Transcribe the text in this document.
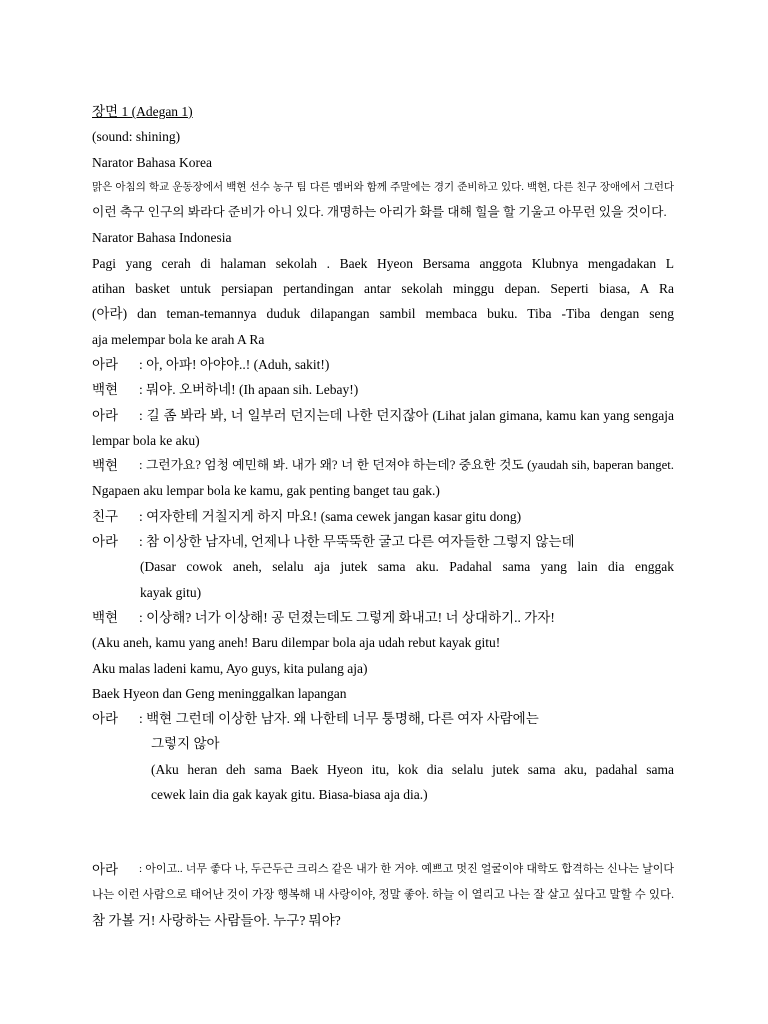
장면 1 (Adegan 1)
(sound: shining)
Narator Bahasa Korea
맑은 아침의 학교 운동장에서 백현 선수 농구 팀 다른 멤버와 함께 주말에는 경기 준비하고 있다. 백현, 다른 친구 장애에서 그런다
이런 축구 인구의 봐라다 준비가 아니 있다. 개명하는 아리가 화를 대해 힐을 할 기울고 아무런 있을 것이다.
Narator Bahasa Indonesia
Pagi yang cerah di halaman sekolah . Baek Hyeon Bersama anggota Klubnya mengadakan L
atihan basket untuk persiapan pertandingan antar sekolah minggu depan. Seperti biasa, A Ra
(아라) dan teman-temannya duduk dilapangan sambil membaca buku. Tiba -Tiba dengan seng
aja melempar bola ke arah A Ra
아라 : 아, 아파! 아야야..! (Aduh, sakit!)
백현 : 뭐야. 오버하네! (Ih apaan sih. Lebay!)
아라 : 길 좀 봐라 봐, 너 일부러 던지는데 나한 던지잖아 (Lihat jalan gimana, kamu kan yang sengaja
lempar bola ke aku)
백현 : 그런가요? 엄청 예민해 봐. 내가 왜? 너 한 던져야 하는데? 중요한 것도 (yaudah sih, baperan banget.
Ngapaen aku lempar bola ke kamu, gak penting banget tau gak.)
친구 : 여자한테 거칠지게 하지 마요! (sama cewek jangan kasar gitu dong)
아라 : 참 이상한 남자네, 언제나 나한 무뚝뚝한 굴고 다른 여자들한 그렇지 않는데
(Dasar cowok aneh, selalu aja jutek sama aku. Padahal sama yang lain dia enggak
kayak gitu)
백현 : 이상해? 너가 이상해! 공 던졌는데도 그렇게 화내고! 너 상대하기.. 가자!
(Aku aneh, kamu yang aneh! Baru dilempar bola aja udah rebut kayak gitu!
Aku malas ladeni kamu, Ayo guys, kita pulang aja)
Baek Hyeon dan Geng meninggalkan lapangan
아라 : 백현 그런데 이상한 남자. 왜 나한테 너무 퉁명해, 다른 여자 사람에는
그렇지 않아
(Aku heran deh sama Baek Hyeon itu, kok dia selalu jutek sama aku, padahal sama
cewek lain dia gak kayak gitu. Biasa-biasa aja dia.)
아라 : 아이고.. 너무 좋다 나, 두근두근 크리스 같은 내가 한 거야. 예쁘고 멋진 얼굴이야 대학도 합격하는 신나는 날이다
나는 이런 사람으로 태어난 것이 가장 행복해 내 사랑이야, 정말 좋아. 하늘 이 열리고 나는 잘 살고 싶다고 말할 수 있다.
참 가볼 거! 사랑하는 사람들아. 누구? 뭐야?
